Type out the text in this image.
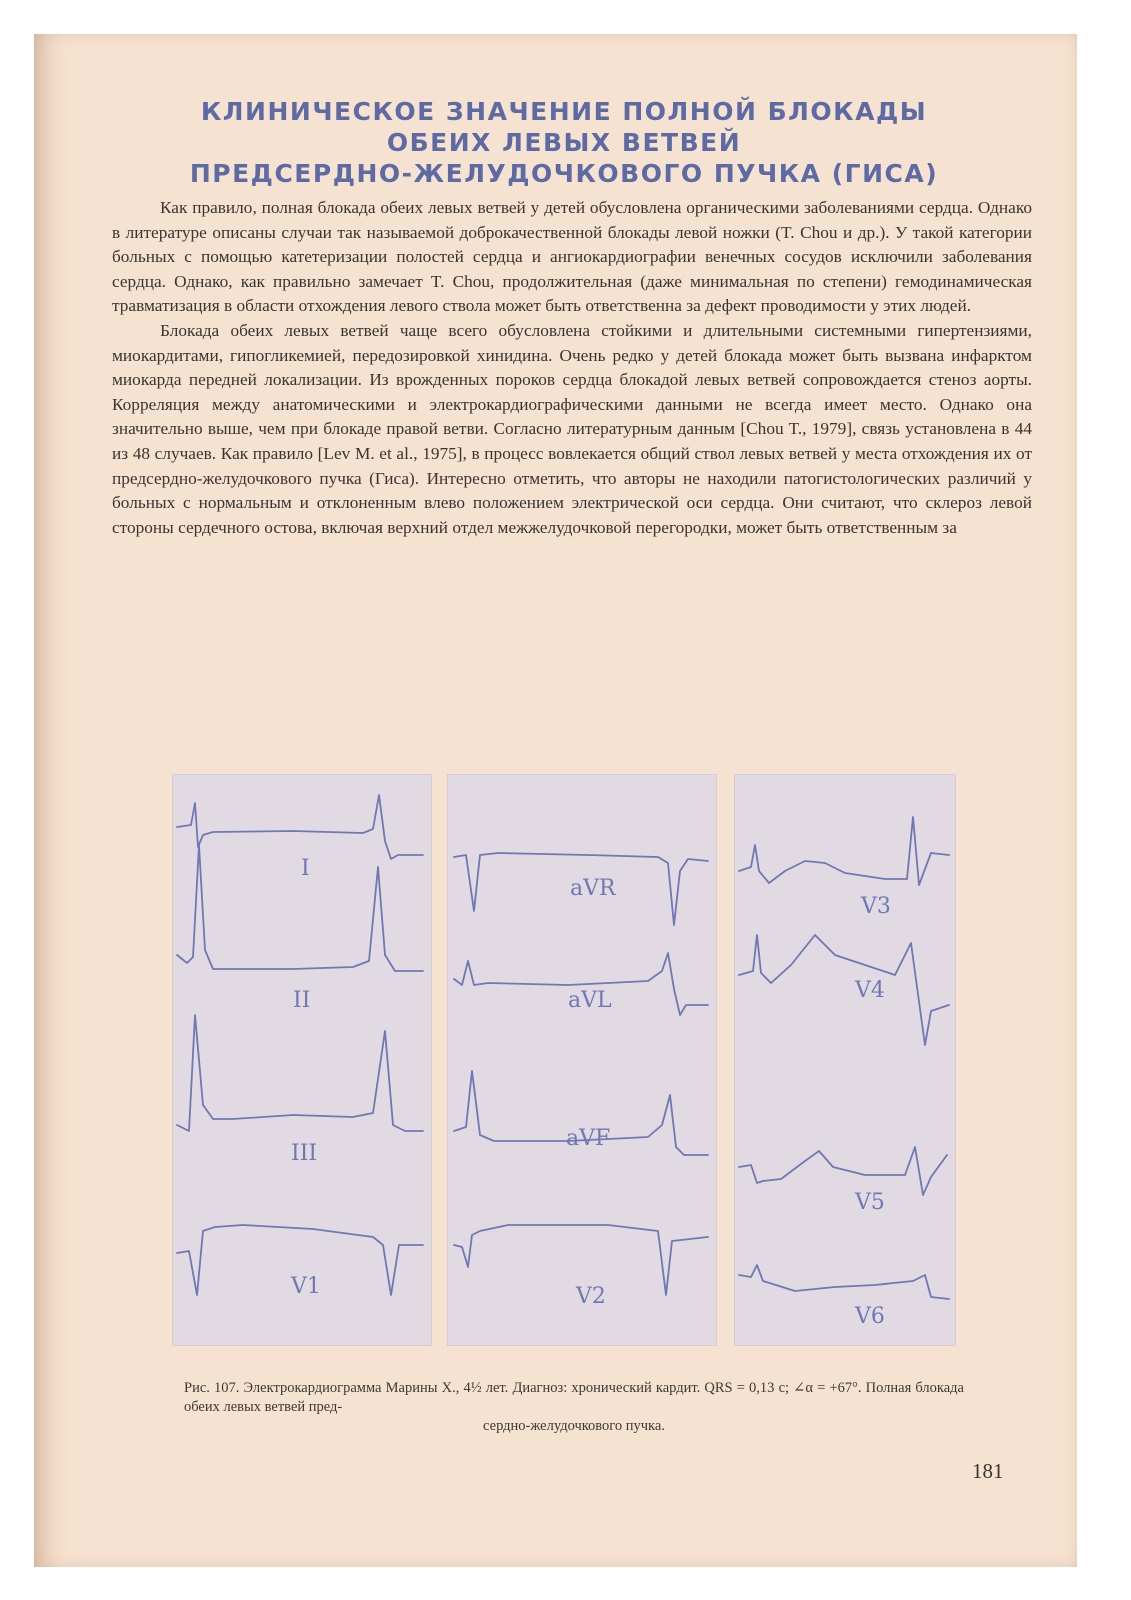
КЛИНИЧЕСКОЕ ЗНАЧЕНИЕ ПОЛНОЙ БЛОКАДЫ
ОБЕИХ ЛЕВЫХ ВЕТВЕЙ
ПРЕДСЕРДНО-ЖЕЛУДОЧКОВОГО ПУЧКА (ГИСА)

Как правило, полная блокада обеих левых ветвей у детей обусловлена органическими заболеваниями сердца. Однако в литературе описаны случаи так называемой доброкачественной блокады левой ножки (T. Chou и др.). У такой категории больных с помощью катетеризации полостей сердца и ангиокардиографии венечных сосудов исключили заболевания сердца. Однако, как правильно замечает T. Chou, продолжительная (даже минимальная по степени) гемодинамическая травматизация в области отхождения левого ствола может быть ответственна за дефект проводимости у этих людей.

Блокада обеих левых ветвей чаще всего обусловлена стойкими и длительными системными гипертензиями, миокардитами, гипогликемией, передозировкой хинидина. Очень редко у детей блокада может быть вызвана инфарктом миокарда передней локализации. Из врожденных пороков сердца блокадой левых ветвей сопровождается стеноз аорты. Корреляция между анатомическими и электрокардиографическими данными не всегда имеет место. Однако она значительно выше, чем при блокаде правой ветви. Согласно литературным данным [Chou T., 1979], связь установлена в 44 из 48 случаев. Как правило [Lev M. et al., 1975], в процесс вовлекается общий ствол левых ветвей у места отхождения их от предсердно-желудочкового пучка (Гиса). Интересно отметить, что авторы не находили патогистологических различий у больных с нормальным и отклоненным влево положением электрической оси сердца. Они считают, что склероз левой стороны сердечного остова, включая верхний отдел межжелудочковой перегородки, может быть ответственным за

I
II
III
V1
aVR
aVL
aVF
V2
V3
V4
V5
V6
Рис. 107. Электрокардиограмма Марины Х., 4½ лет. Диагноз: хронический кардит. QRS = 0,13 с; ∠α = +67°. Полная блокада обеих левых ветвей пред-
сердно-желудочкового пучка.
181
